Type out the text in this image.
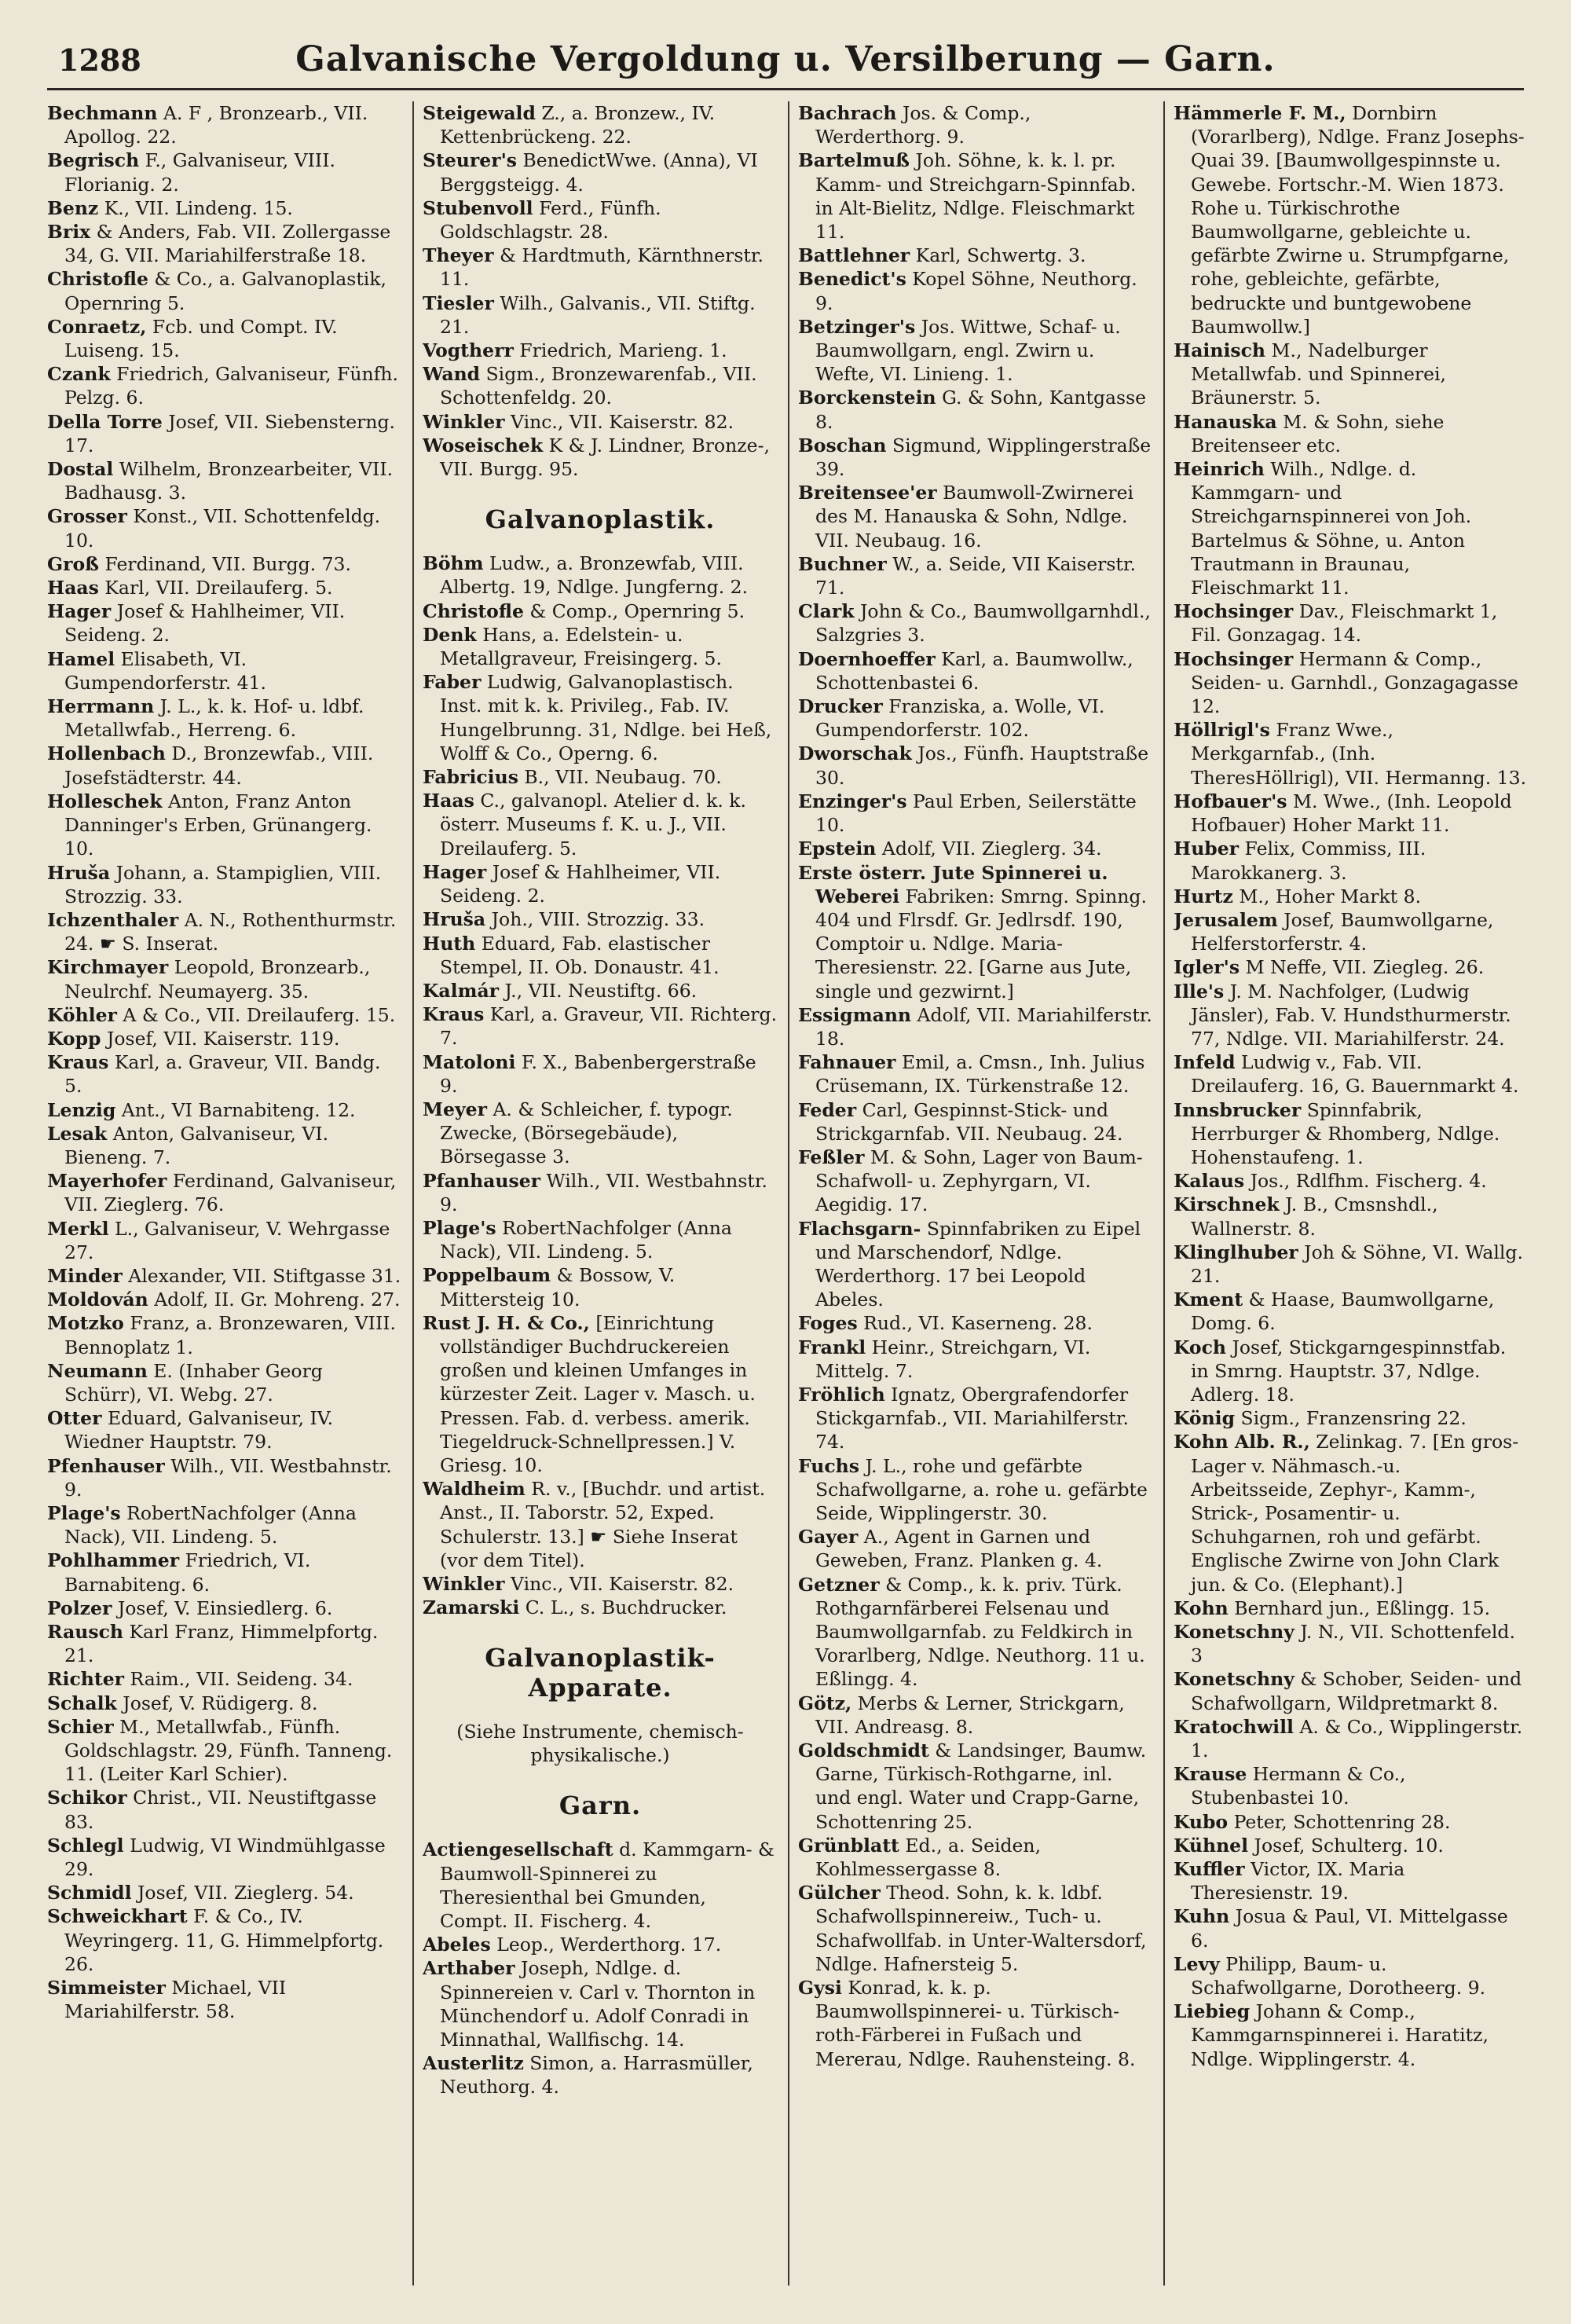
1288	Galvanische Vergoldung u. Versilberung — Garn.
Bechmann A. F , Bronzearb., VII. Apollog. 22.
Begrisch F., Galvaniseur, VIII. Florianig. 2.
Benz K., VII. Lindeng. 15.
Brix & Anders, Fab. VII. Zollergasse 34, G. VII. Mariahilferstraße 18.
Christofle & Co., a. Galvanoplastik, Opernring 5.
Conraetz, Fcb. und Compt. IV. Luiseng. 15.
Czank Friedrich, Galvaniseur, Fünfh. Pelzg. 6.
Della Torre Josef, VII. Siebensterng. 17.
Dostal Wilhelm, Bronzearbeiter, VII. Badhausg. 3.
Grosser Konst., VII. Schottenfeldg. 10.
Groß Ferdinand, VII. Burgg. 73.
Haas Karl, VII. Dreilauferg. 5.
Hager Josef & Hahlheimer, VII. Seideng. 2.
Hamel Elisabeth, VI. Gumpendorferstr. 41.
Herrmann J. L., k. k. Hof- u. ldbf. Metallwfab., Herreng. 6.
Hollenbach D., Bronzewfab., VIII. Josefstädterstr. 44.
Holleschek Anton, Franz Anton Danninger's Erben, Grünangerg. 10.
Hruša Johann, a. Stampiglien, VIII. Strozzig. 33.
Ichzenthaler A. N., Rothenthurmstr. 24. ☛ S. Inserat.
Kirchmayer Leopold, Bronzearb., Neulrchf. Neumayerg. 35.
Köhler A & Co., VII. Dreilauferg. 15.
Kopp Josef, VII. Kaiserstr. 119.
Kraus Karl, a. Graveur, VII. Bandg. 5.
Lenzig Ant., VI Barnabiteng. 12.
Lesak Anton, Galvaniseur, VI. Bieneng. 7.
Mayerhofer Ferdinand, Galvaniseur, VII. Zieglerg. 76.
Merkl L., Galvaniseur, V. Wehrgasse 27.
Minder Alexander, VII. Stiftgasse 31.
Moldován Adolf, II. Gr. Mohreng. 27.
Motzko Franz, a. Bronzewaren, VIII. Bennoplatz 1.
Neumann E. (Inhaber Georg Schürr), VI. Webg. 27.
Otter Eduard, Galvaniseur, IV. Wiedner Hauptstr. 79.
Pfenhauser Wilh., VII. Westbahnstr. 9.
Plage's RobertNachfolger (Anna Nack), VII. Lindeng. 5.
Pohlhammer Friedrich, VI. Barnabiteng. 6.
Polzer Josef, V. Einsiedlerg. 6.
Rausch Karl Franz, Himmelpfortg. 21.
Richter Raim., VII. Seideng. 34.
Schalk Josef, V. Rüdigerg. 8.
Schier M., Metallwfab., Fünfh. Goldschlagstr. 29, Fünfh. Tanneng. 11. (Leiter Karl Schier).
Schikor Christ., VII. Neustiftgasse 83.
Schlegl Ludwig, VI Windmühlgasse 29.
Schmidl Josef, VII. Zieglerg. 54.
Schweickhart F. & Co., IV. Weyringerg. 11, G. Himmelpfortg. 26.
Simmeister Michael, VII Mariahilferstr. 58.
Steigewald Z., a. Bronzew., IV. Kettenbrückeng. 22.
Steurer's BenedictWwe. (Anna), VI Berggsteigg. 4.
Stubenvoll Ferd., Fünfh. Goldschlagstr. 28.
Theyer & Hardtmuth, Kärnthnerstr. 11.
Tiesler Wilh., Galvanis., VII. Stiftg. 21.
Vogtherr Friedrich, Marieng. 1.
Wand Sigm., Bronzewarenfab., VII. Schottenfeldg. 20.
Winkler Vinc., VII. Kaiserstr. 82.
Woseischek K & J. Lindner, Bronze-, VII. Burgg. 95.
Galvanoplastik.
Böhm Ludw., a. Bronzewfab, VIII. Albertg. 19, Ndlge. Jungferng. 2.
Christofle & Comp., Opernring 5.
Denk Hans, a. Edelstein- u. Metallgraveur, Freisingerg. 5.
Faber Ludwig, Galvanoplastisch. Inst. mit k. k. Privileg., Fab. IV. Hungelbrunng. 31, Ndlge. bei Heß, Wolff & Co., Operng. 6.
Fabricius B., VII. Neubaug. 70.
Haas C., galvanopl. Atelier d. k. k. österr. Museums f. K. u. J., VII. Dreilauferg. 5.
Hager Josef & Hahlheimer, VII. Seideng. 2.
Hruša Joh., VIII. Strozzig. 33.
Huth Eduard, Fab. elastischer Stempel, II. Ob. Donaustr. 41.
Kalmár J., VII. Neustiftg. 66.
Kraus Karl, a. Graveur, VII. Richterg. 7.
Matoloni F. X., Babenbergerstraße 9.
Meyer A. & Schleicher, f. typogr. Zwecke, (Börsegebäude), Börsegasse 3.
Pfanhauser Wilh., VII. Westbahnstr. 9.
Plage's RobertNachfolger (Anna Nack), VII. Lindeng. 5.
Poppelbaum & Bossow, V. Mittersteig 10.
Rust J. H. & Co., [Einrichtung vollständiger Buchdruckereien großen und kleinen Umfanges in kürzester Zeit. Lager v. Masch. u. Pressen. Fab. d. verbess. amerik. Tiegeldruck-Schnellpressen.] V. Griesg. 10.
Waldheim R. v., [Buchdr. und artist. Anst., II. Taborstr. 52, Exped. Schulerstr. 13.] ☛ Siehe Inserat (vor dem Titel).
Winkler Vinc., VII. Kaiserstr. 82.
Zamarski C. L., s. Buchdrucker.
Galvanoplastik-Apparate.
(Siehe Instrumente, chemisch-physikalische.)
Garn.
Actiengesellschaft d. Kammgarn- & Baumwoll-Spinnerei zu Theresienthal bei Gmunden, Compt. II. Fischerg. 4.
Abeles Leop., Werderthorg. 17.
Arthaber Joseph, Ndlge. d. Spinnereien v. Carl v. Thornton in Münchendorf u. Adolf Conradi in Minnathal, Wallfischg. 14.
Austerlitz Simon, a. Harrasmüller, Neuthorg. 4.
Bachrach Jos. & Comp., Werderthorg. 9.
Bartelmuß Joh. Söhne, k. k. l. pr. Kamm- und Streichgarn-Spinnfab. in Alt-Bielitz, Ndlge. Fleischmarkt 11.
Battlehner Karl, Schwertg. 3.
Benedict's Kopel Söhne, Neuthorg. 9.
Betzinger's Jos. Wittwe, Schaf- u. Baumwollgarn, engl. Zwirn u. Wefte, VI. Linieng. 1.
Borckenstein G. & Sohn, Kantgasse 8.
Boschan Sigmund, Wipplingerstraße 39.
Breitensee'er Baumwoll-Zwirnerei des M. Hanauska & Sohn, Ndlge. VII. Neubaug. 16.
Buchner W., a. Seide, VII Kaiserstr. 71.
Clark John & Co., Baumwollgarnhdl., Salzgries 3.
Doernhoeffer Karl, a. Baumwollw., Schottenbastei 6.
Drucker Franziska, a. Wolle, VI. Gumpendorferstr. 102.
Dworschak Jos., Fünfh. Hauptstraße 30.
Enzinger's Paul Erben, Seilerstätte 10.
Epstein Adolf, VII. Zieglerg. 34.
Erste österr. Jute Spinnerei u. Weberei Fabriken: Smrng. Spinng. 404 und Flrsdf. Gr. Jedlrsdf. 190, Comptoir u. Ndlge. Maria-Theresienstr. 22. [Garne aus Jute, single und gezwirnt.]
Essigmann Adolf, VII. Mariahilferstr. 18.
Fahnauer Emil, a. Cmsn., Inh. Julius Crüsemann, IX. Türkenstraße 12.
Feder Carl, Gespinnst-Stick- und Strickgarnfab. VII. Neubaug. 24.
Feßler M. & Sohn, Lager von Baum- Schafwoll- u. Zephyrgarn, VI. Aegidig. 17.
Flachsgarn- Spinnfabriken zu Eipel und Marschendorf, Ndlge. Werderthorg. 17 bei Leopold Abeles.
Foges Rud., VI. Kaserneng. 28.
Frankl Heinr., Streichgarn, VI. Mittelg. 7.
Fröhlich Ignatz, Obergrafendorfer Stickgarnfab., VII. Mariahilferstr. 74.
Fuchs J. L., rohe und gefärbte Schafwollgarne, a. rohe u. gefärbte Seide, Wipplingerstr. 30.
Gayer A., Agent in Garnen und Geweben, Franz. Planken g. 4.
Getzner & Comp., k. k. priv. Türk. Rothgarnfärberei Felsenau und Baumwollgarnfab. zu Feldkirch in Vorarlberg, Ndlge. Neuthorg. 11 u. Eßlingg. 4.
Götz, Merbs & Lerner, Strickgarn, VII. Andreasg. 8.
Goldschmidt & Landsinger, Baumw. Garne, Türkisch-Rothgarne, inl. und engl. Water und Crapp-Garne, Schottenring 25.
Grünblatt Ed., a. Seiden, Kohlmessergasse 8.
Gülcher Theod. Sohn, k. k. ldbf. Schafwollspinnereiw., Tuch- u. Schafwollfab. in Unter-Waltersdorf, Ndlge. Hafnersteig 5.
Gysi Konrad, k. k. p. Baumwollspinnerei- u. Türkisch-roth-Färberei in Fußach und Mererau, Ndlge. Rauhensteing. 8.
Hämmerle F. M., Dornbirn (Vorarlberg), Ndlge. Franz Josephs-Quai 39. [Baumwollgespinnste u. Gewebe. Fortschr.-M. Wien 1873. Rohe u. Türkischrothe Baumwollgarne, gebleichte u. gefärbte Zwirne u. Strumpfgarne, rohe, gebleichte, gefärbte, bedruckte und buntgewobene Baumwollw.]
Hainisch M., Nadelburger Metallwfab. und Spinnerei, Bräunerstr. 5.
Hanauska M. & Sohn, siehe Breitenseer etc.
Heinrich Wilh., Ndlge. d. Kammgarn- und Streichgarnspinnerei von Joh. Bartelmus & Söhne, u. Anton Trautmann in Braunau, Fleischmarkt 11.
Hochsinger Dav., Fleischmarkt 1, Fil. Gonzagag. 14.
Hochsinger Hermann & Comp., Seiden- u. Garnhdl., Gonzagagasse 12.
Höllrigl's Franz Wwe., Merkgarnfab., (Inh. TheresHöllrigl), VII. Hermanng. 13.
Hofbauer's M. Wwe., (Inh. Leopold Hofbauer) Hoher Markt 11.
Huber Felix, Commiss, III. Marokkanerg. 3.
Hurtz M., Hoher Markt 8.
Jerusalem Josef, Baumwollgarne, Helferstorferstr. 4.
Igler's M Neffe, VII. Ziegleg. 26.
Ille's J. M. Nachfolger, (Ludwig Jänsler), Fab. V. Hundsthurmerstr. 77, Ndlge. VII. Mariahilferstr. 24.
Infeld Ludwig v., Fab. VII. Dreilauferg. 16, G. Bauernmarkt 4.
Innsbrucker Spinnfabrik, Herrburger & Rhomberg, Ndlge. Hohenstaufeng. 1.
Kalaus Jos., Rdlfhm. Fischerg. 4.
Kirschnek J. B., Cmsnshdl., Wallnerstr. 8.
Klinglhuber Joh & Söhne, VI. Wallg. 21.
Kment & Haase, Baumwollgarne, Domg. 6.
Koch Josef, Stickgarngespinnstfab. in Smrng. Hauptstr. 37, Ndlge. Adlerg. 18.
König Sigm., Franzensring 22.
Kohn Alb. R., Zelinkag. 7. [En gros-Lager v. Nähmasch.-u. Arbeitsseide, Zephyr-, Kamm-, Strick-, Posamentir- u. Schuhgarnen, roh und gefärbt. Englische Zwirne von John Clark jun. & Co. (Elephant).]
Kohn Bernhard jun., Eßlingg. 15.
Konetschny J. N., VII. Schottenfeld. 3
Konetschny & Schober, Seiden- und Schafwollgarn, Wildpretmarkt 8.
Kratochwill A. & Co., Wipplingerstr. 1.
Krause Hermann & Co., Stubenbastei 10.
Kubo Peter, Schottenring 28.
Kühnel Josef, Schulterg. 10.
Kuffler Victor, IX. Maria Theresienstr. 19.
Kuhn Josua & Paul, VI. Mittelgasse 6.
Levy Philipp, Baum- u. Schafwollgarne, Dorotheerg. 9.
Liebieg Johann & Comp., Kammgarnspinnerei i. Haratitz, Ndlge. Wipplingerstr. 4.
